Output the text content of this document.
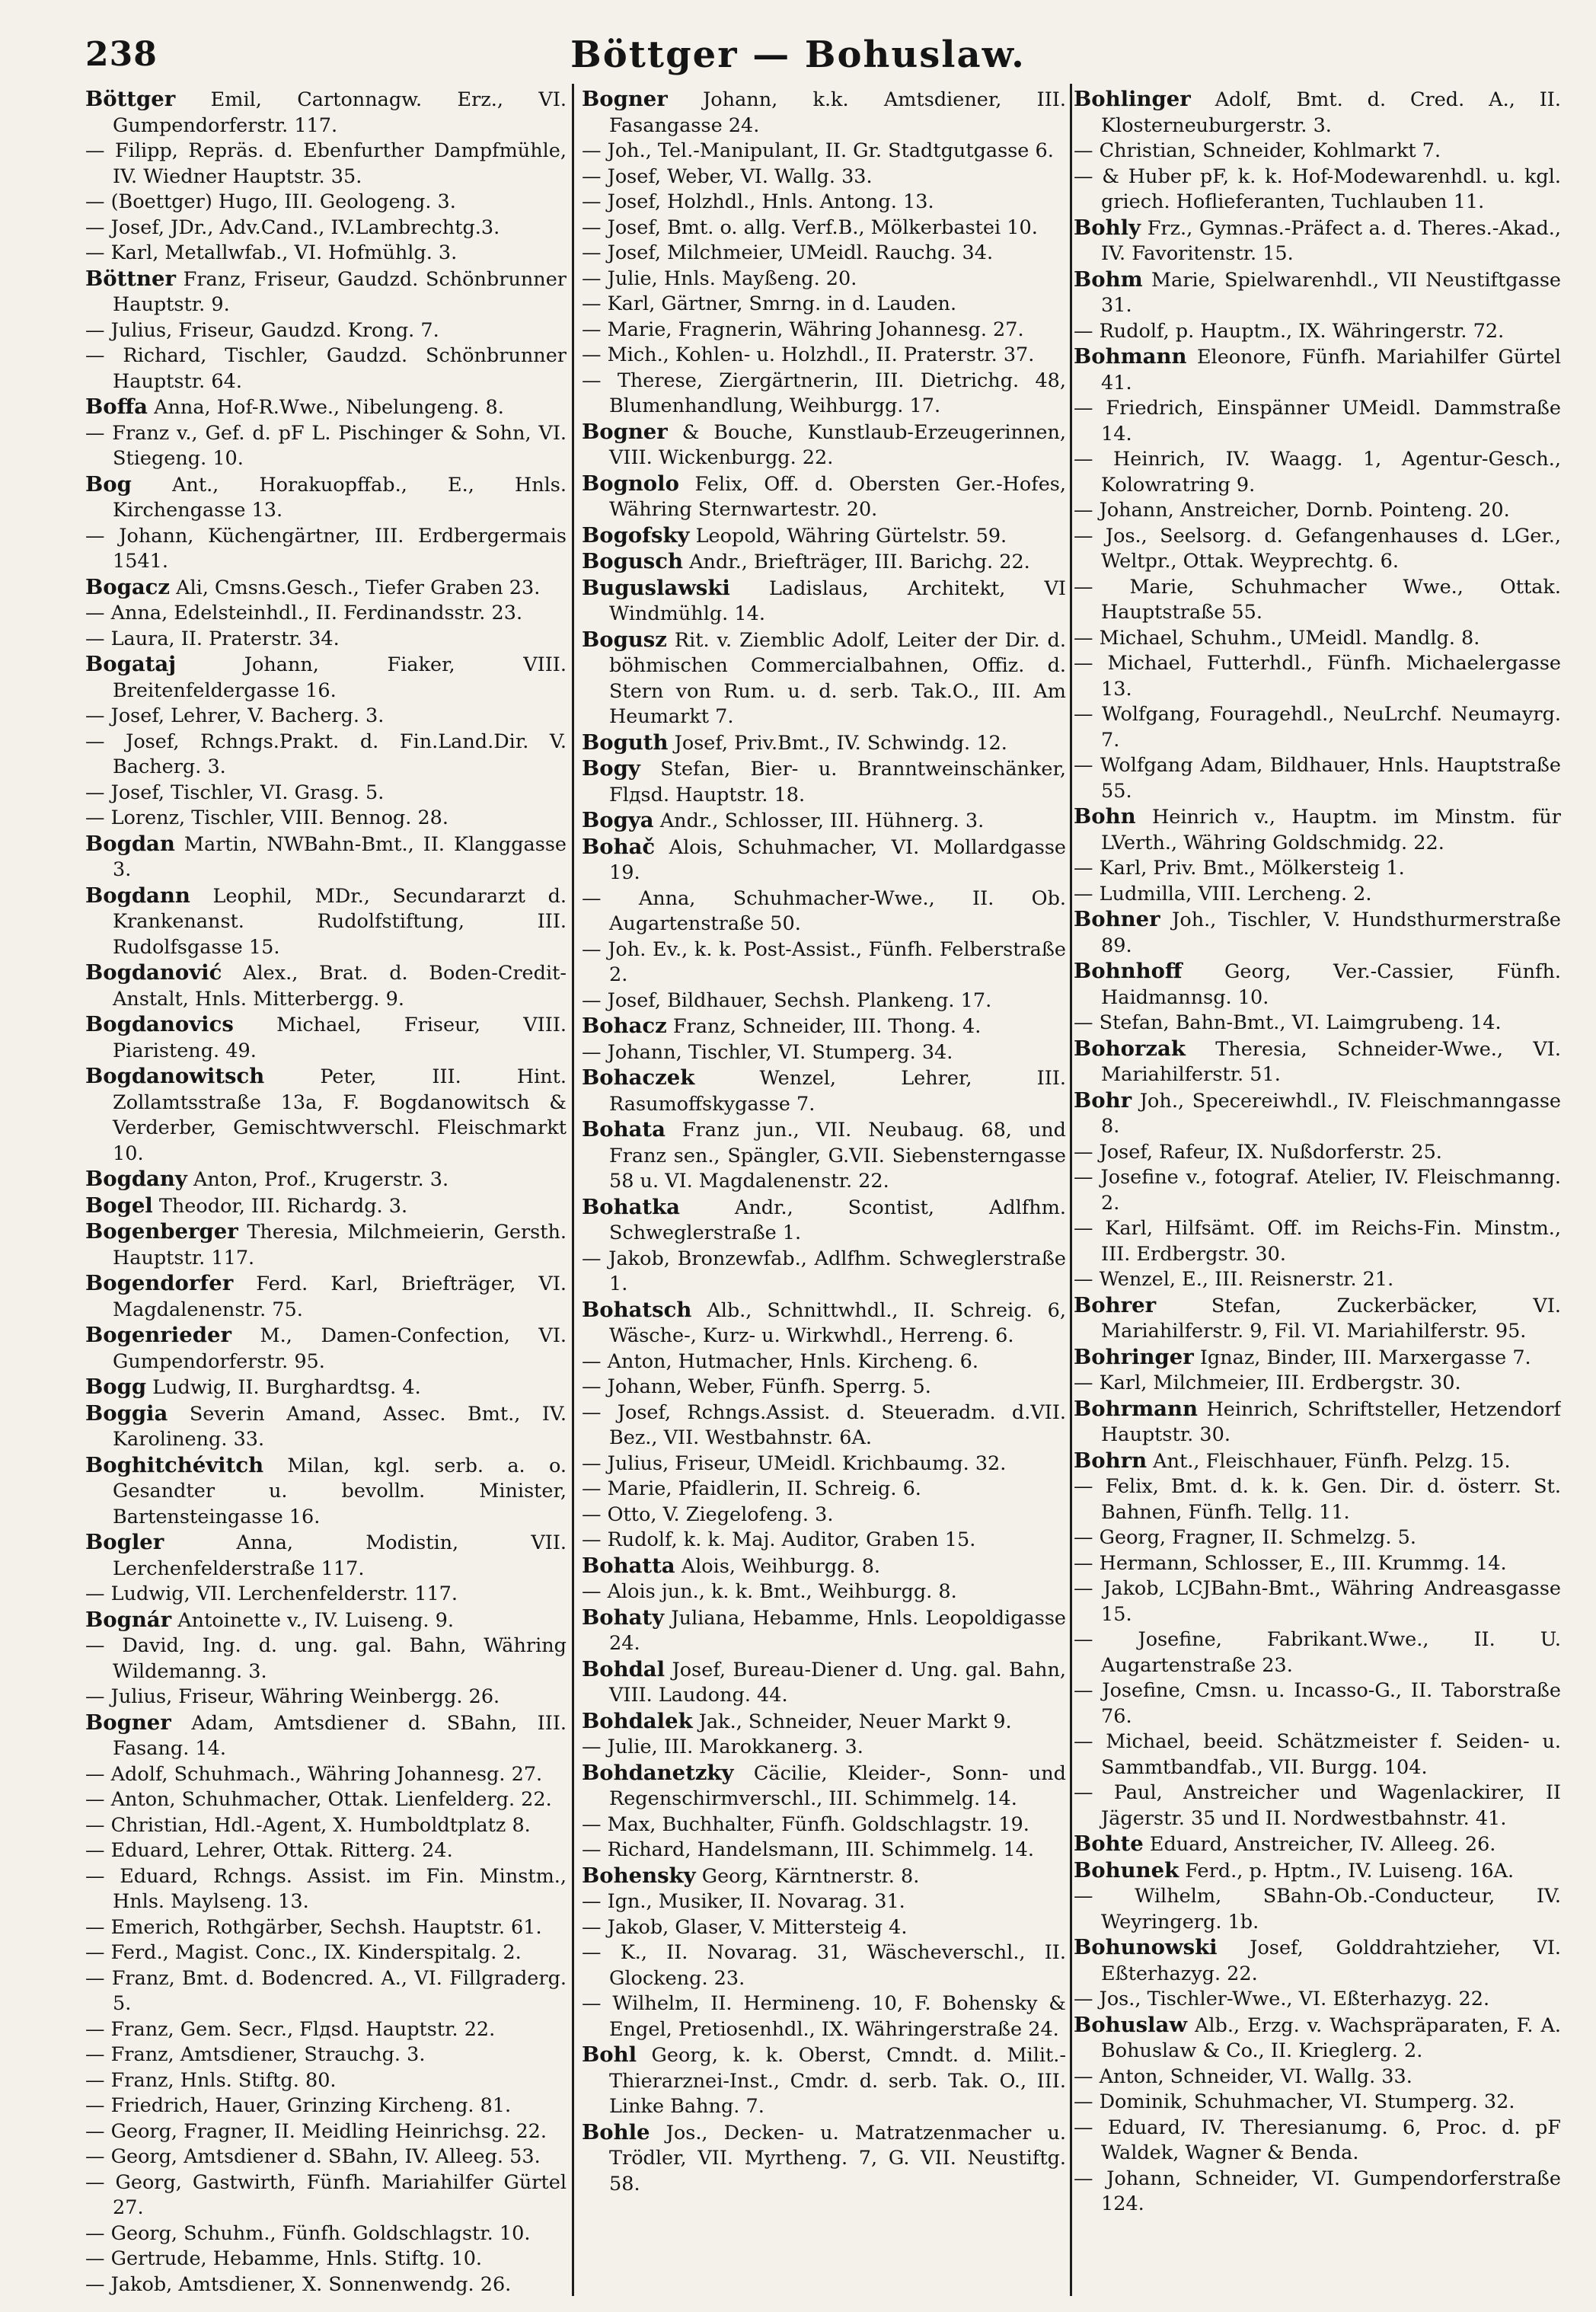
238	Böttger — Bohuslaw.
Böttger Emil, Cartonnagw. Erz., VI. Gumpendorferstr. 117.
— Filipp, Repräs. d. Ebenfurther Dampfmühle, IV. Wiedner Hauptstr. 35.
— (Boettger) Hugo, III. Geologeng. 3.
— Josef, JDr., Adv.Cand., IV.Lambrechtg.3.
— Karl, Metallwfab., VI. Hofmühlg. 3.
Böttner Franz, Friseur, Gaudzd. Schönbrunner Hauptstr. 9.
— Julius, Friseur, Gaudzd. Krong. 7.
— Richard, Tischler, Gaudzd. Schönbrunner Hauptstr. 64.
Boffa Anna, Hof-R.Wwe., Nibelungeng. 8.
— Franz v., Gef. d. pF L. Pischinger & Sohn, VI. Stiegeng. 10.
Bog Ant., Horakuopffab., E., Hnls. Kirchengasse 13.
— Johann, Küchengärtner, III. Erdbergermais 1541.
Bogacz Ali, Cmsns.Gesch., Tiefer Graben 23.
— Anna, Edelsteinhdl., II. Ferdinandsstr. 23.
— Laura, II. Praterstr. 34.
Bogataj Johann, Fiaker, VIII. Breitenfeldergasse 16.
— Josef, Lehrer, V. Bacherg. 3.
— Josef, Rchngs.Prakt. d. Fin.Land.Dir. V. Bacherg. 3.
— Josef, Tischler, VI. Grasg. 5.
— Lorenz, Tischler, VIII. Bennog. 28.
Bogdan Martin, NWBahn-Bmt., II. Klanggasse 3.
Bogdann Leophil, MDr., Secundararzt d. Krankenanst. Rudolfstiftung, III. Rudolfsgasse 15.
Bogdanović Alex., Brat. d. Boden-Credit-Anstalt, Hnls. Mitterbergg. 9.
Bogdanovics Michael, Friseur, VIII. Piaristeng. 49.
Bogdanowitsch Peter, III. Hint. Zollamtsstraße 13a, F. Bogdanowitsch & Verderber, Gemischtwverschl. Fleischmarkt 10.
Bogdany Anton, Prof., Krugerstr. 3.
Bogel Theodor, III. Richardg. 3.
Bogenberger Theresia, Milchmeierin, Gersth. Hauptstr. 117.
Bogendorfer Ferd. Karl, Briefträger, VI. Magdalenenstr. 75.
Bogenrieder M., Damen-Confection, VI. Gumpendorferstr. 95.
Bogg Ludwig, II. Burghardtsg. 4.
Boggia Severin Amand, Assec. Bmt., IV. Karolineng. 33.
Boghitchévitch Milan, kgl. serb. a. o. Gesandter u. bevollm. Minister, Bartensteingasse 16.
Bogler Anna, Modistin, VII. Lerchenfelderstraße 117.
— Ludwig, VII. Lerchenfelderstr. 117.
Bognár Antoinette v., IV. Luiseng. 9.
— David, Ing. d. ung. gal. Bahn, Währing Wildemanng. 3.
— Julius, Friseur, Währing Weinbergg. 26.
Bogner Adam, Amtsdiener d. SBahn, III. Fasang. 14.
— Adolf, Schuhmach., Währing Johannesg. 27.
— Anton, Schuhmacher, Ottak. Lienfelderg. 22.
— Christian, Hdl.-Agent, X. Humboldtplatz 8.
— Eduard, Lehrer, Ottak. Ritterg. 24.
— Eduard, Rchngs. Assist. im Fin. Minstm., Hnls. Maylseng. 13.
— Emerich, Rothgärber, Sechsh. Hauptstr. 61.
— Ferd., Magist. Conc., IX. Kinderspitalg. 2.
— Franz, Bmt. d. Bodencred. A., VI. Fillgraderg. 5.
— Franz, Gem. Secr., Flдsd. Hauptstr. 22.
— Franz, Amtsdiener, Strauchg. 3.
— Franz, Hnls. Stiftg. 80.
— Friedrich, Hauer, Grinzing Kircheng. 81.
— Georg, Fragner, II. Meidling Heinrichsg. 22.
— Georg, Amtsdiener d. SBahn, IV. Alleeg. 53.
— Georg, Gastwirth, Fünfh. Mariahilfer Gürtel 27.
— Georg, Schuhm., Fünfh. Goldschlagstr. 10.
— Gertrude, Hebamme, Hnls. Stiftg. 10.
— Jakob, Amtsdiener, X. Sonnenwendg. 26.
Bogner Johann, k.k. Amtsdiener, III. Fasangasse 24.
— Joh., Tel.-Manipulant, II. Gr. Stadtgutgasse 6.
— Josef, Weber, VI. Wallg. 33.
— Josef, Holzhdl., Hnls. Antong. 13.
— Josef, Bmt. o. allg. Verf.B., Mölkerbastei 10.
— Josef, Milchmeier, UMeidl. Rauchg. 34.
— Julie, Hnls. Mayßeng. 20.
— Karl, Gärtner, Smrng. in d. Lauden.
— Marie, Fragnerin, Währing Johannesg. 27.
— Mich., Kohlen- u. Holzhdl., II. Praterstr. 37.
— Therese, Ziergärtnerin, III. Dietrichg. 48, Blumenhandlung, Weihburgg. 17.
Bogner & Bouche, Kunstlaub-Erzeugerinnen, VIII. Wickenburgg. 22.
Bognolo Felix, Off. d. Obersten Ger.-Hofes, Währing Sternwartestr. 20.
Bogofsky Leopold, Währing Gürtelstr. 59.
Bogusch Andr., Briefträger, III. Barichg. 22.
Buguslawski Ladislaus, Architekt, VI Windmühlg. 14.
Bogusz Rit. v. Ziemblic Adolf, Leiter der Dir. d. böhmischen Commercialbahnen, Offiz. d. Stern von Rum. u. d. serb. Tak.O., III. Am Heumarkt 7.
Boguth Josef, Priv.Bmt., IV. Schwindg. 12.
Bogy Stefan, Bier- u. Branntweinschänker, Flдsd. Hauptstr. 18.
Bogya Andr., Schlosser, III. Hühnerg. 3.
Bohač Alois, Schuhmacher, VI. Mollardgasse 19.
— Anna, Schuhmacher-Wwe., II. Ob. Augartenstraße 50.
— Joh. Ev., k. k. Post-Assist., Fünfh. Felberstraße 2.
— Josef, Bildhauer, Sechsh. Plankeng. 17.
Bohacz Franz, Schneider, III. Thong. 4.
— Johann, Tischler, VI. Stumperg. 34.
Bohaczek Wenzel, Lehrer, III. Rasumoffskygasse 7.
Bohata Franz jun., VII. Neubaug. 68, und Franz sen., Spängler, G.VII. Siebensterngasse 58 u. VI. Magdalenenstr. 22.
Bohatka Andr., Scontist, Adlfhm. Schweglerstraße 1.
— Jakob, Bronzewfab., Adlfhm. Schweglerstraße 1.
Bohatsch Alb., Schnittwhdl., II. Schreig. 6, Wäsche-, Kurz- u. Wirkwhdl., Herreng. 6.
— Anton, Hutmacher, Hnls. Kircheng. 6.
— Johann, Weber, Fünfh. Sperrg. 5.
— Josef, Rchngs.Assist. d. Steueradm. d.VII. Bez., VII. Westbahnstr. 6A.
— Julius, Friseur, UMeidl. Krichbaumg. 32.
— Marie, Pfaidlerin, II. Schreig. 6.
— Otto, V. Ziegelofeng. 3.
— Rudolf, k. k. Maj. Auditor, Graben 15.
Bohatta Alois, Weihburgg. 8.
— Alois jun., k. k. Bmt., Weihburgg. 8.
Bohaty Juliana, Hebamme, Hnls. Leopoldigasse 24.
Bohdal Josef, Bureau-Diener d. Ung. gal. Bahn, VIII. Laudong. 44.
Bohdalek Jak., Schneider, Neuer Markt 9.
— Julie, III. Marokkanerg. 3.
Bohdanetzky Cäcilie, Kleider-, Sonn- und Regenschirmverschl., III. Schimmelg. 14.
— Max, Buchhalter, Fünfh. Goldschlagstr. 19.
— Richard, Handelsmann, III. Schimmelg. 14.
Bohensky Georg, Kärntnerstr. 8.
— Ign., Musiker, II. Novarag. 31.
— Jakob, Glaser, V. Mittersteig 4.
— K., II. Novarag. 31, Wäscheverschl., II. Glockeng. 23.
— Wilhelm, II. Hermineng. 10, F. Bohensky & Engel, Pretiosenhdl., IX. Währingerstraße 24.
Bohl Georg, k. k. Oberst, Cmndt. d. Milit.-Thierarznei-Inst., Cmdr. d. serb. Tak. O., III. Linke Bahng. 7.
Bohle Jos., Decken- u. Matratzenmacher u. Trödler, VII. Myrtheng. 7, G. VII. Neustiftg. 58.
Bohlinger Adolf, Bmt. d. Cred. A., II. Klosterneuburgerstr. 3.
— Christian, Schneider, Kohlmarkt 7.
— & Huber pF, k. k. Hof-Modewarenhdl. u. kgl. griech. Hoflieferanten, Tuchlauben 11.
Bohly Frz., Gymnas.-Präfect a. d. Theres.-Akad., IV. Favoritenstr. 15.
Bohm Marie, Spielwarenhdl., VII Neustiftgasse 31.
— Rudolf, p. Hauptm., IX. Währingerstr. 72.
Bohmann Eleonore, Fünfh. Mariahilfer Gürtel 41.
— Friedrich, Einspänner UMeidl. Dammstraße 14.
— Heinrich, IV. Waagg. 1, Agentur-Gesch., Kolowratring 9.
— Johann, Anstreicher, Dornb. Pointeng. 20.
— Jos., Seelsorg. d. Gefangenhauses d. LGer., Weltpr., Ottak. Weyprechtg. 6.
— Marie, Schuhmacher Wwe., Ottak. Hauptstraße 55.
— Michael, Schuhm., UMeidl. Mandlg. 8.
— Michael, Futterhdl., Fünfh. Michaelergasse 13.
— Wolfgang, Fouragehdl., NeuLrchf. Neumayrg. 7.
— Wolfgang Adam, Bildhauer, Hnls. Hauptstraße 55.
Bohn Heinrich v., Hauptm. im Minstm. für LVerth., Währing Goldschmidg. 22.
— Karl, Priv. Bmt., Mölkersteig 1.
— Ludmilla, VIII. Lercheng. 2.
Bohner Joh., Tischler, V. Hundsthurmerstraße 89.
Bohnhoff Georg, Ver.-Cassier, Fünfh. Haidmannsg. 10.
— Stefan, Bahn-Bmt., VI. Laimgrubeng. 14.
Bohorzak Theresia, Schneider-Wwe., VI. Mariahilferstr. 51.
Bohr Joh., Specereiwhdl., IV. Fleischmanngasse 8.
— Josef, Rafeur, IX. Nußdorferstr. 25.
— Josefine v., fotograf. Atelier, IV. Fleischmanng. 2.
— Karl, Hilfsämt. Off. im Reichs-Fin. Minstm., III. Erdbergstr. 30.
— Wenzel, E., III. Reisnerstr. 21.
Bohrer Stefan, Zuckerbäcker, VI. Mariahilferstr. 9, Fil. VI. Mariahilferstr. 95.
Bohringer Ignaz, Binder, III. Marxergasse 7.
— Karl, Milchmeier, III. Erdbergstr. 30.
Bohrmann Heinrich, Schriftsteller, Hetzendorf Hauptstr. 30.
Bohrn Ant., Fleischhauer, Fünfh. Pelzg. 15.
— Felix, Bmt. d. k. k. Gen. Dir. d. österr. St. Bahnen, Fünfh. Tellg. 11.
— Georg, Fragner, II. Schmelzg. 5.
— Hermann, Schlosser, E., III. Krummg. 14.
— Jakob, LCJBahn-Bmt., Währing Andreasgasse 15.
— Josefine, Fabrikant.Wwe., II. U. Augartenstraße 23.
— Josefine, Cmsn. u. Incasso-G., II. Taborstraße 76.
— Michael, beeid. Schätzmeister f. Seiden- u. Sammtbandfab., VII. Burgg. 104.
— Paul, Anstreicher und Wagenlackirer, II Jägerstr. 35 und II. Nordwestbahnstr. 41.
Bohte Eduard, Anstreicher, IV. Alleeg. 26.
Bohunek Ferd., p. Hptm., IV. Luiseng. 16A.
— Wilhelm, SBahn-Ob.-Conducteur, IV. Weyringerg. 1b.
Bohunowski Josef, Golddrahtzieher, VI. Eßterhazyg. 22.
— Jos., Tischler-Wwe., VI. Eßterhazyg. 22.
Bohuslaw Alb., Erzg. v. Wachspräparaten, F. A. Bohuslaw & Co., II. Krieglerg. 2.
— Anton, Schneider, VI. Wallg. 33.
— Dominik, Schuhmacher, VI. Stumperg. 32.
— Eduard, IV. Theresianumg. 6, Proc. d. pF Waldek, Wagner & Benda.
— Johann, Schneider, VI. Gumpendorferstraße 124.
